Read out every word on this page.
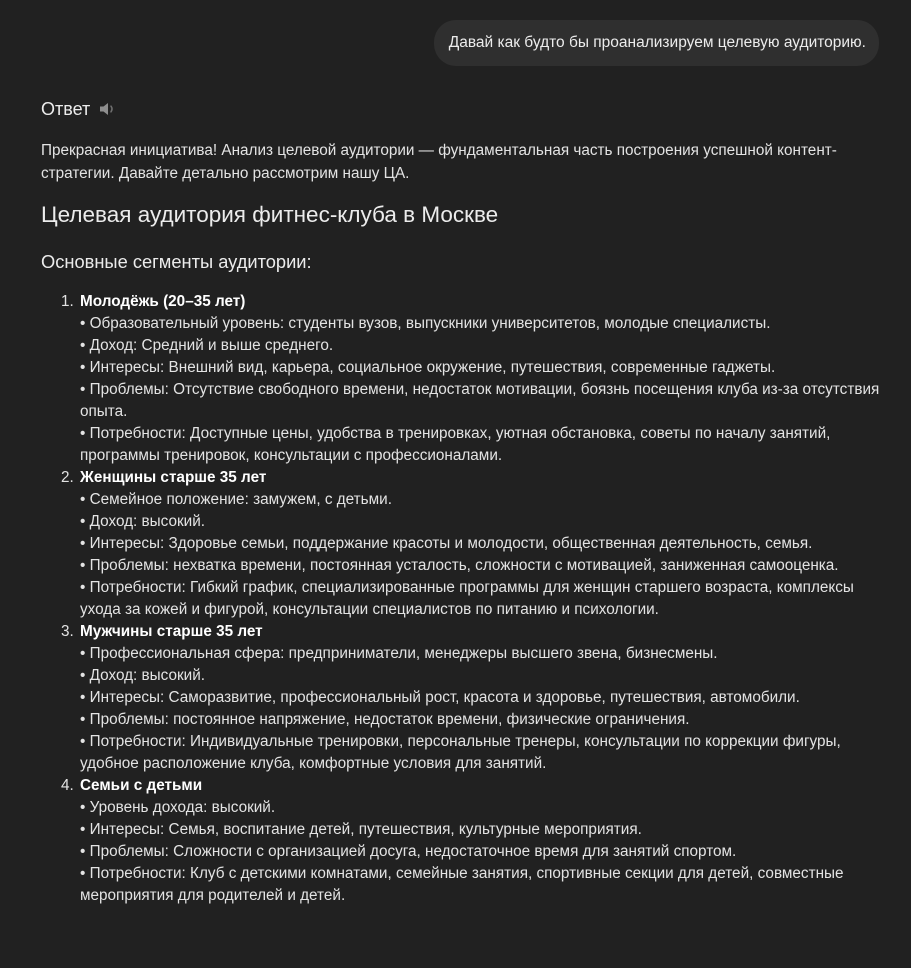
Давай как будто бы проанализируем целевую аудиторию.
Ответ
Прекрасная инициатива! Анализ целевой аудитории — фундаментальная часть построения успешной контент-стратегии. Давайте детально рассмотрим нашу ЦА.
Целевая аудитория фитнес-клуба в Москве
Основные сегменты аудитории:
1. Молодёжь (20–35 лет)
• Образовательный уровень: студенты вузов, выпускники университетов, молодые специалисты.
• Доход: Средний и выше среднего.
• Интересы: Внешний вид, карьера, социальное окружение, путешествия, современные гаджеты.
• Проблемы: Отсутствие свободного времени, недостаток мотивации, боязнь посещения клуба из-за отсутствия опыта.
• Потребности: Доступные цены, удобства в тренировках, уютная обстановка, советы по началу занятий, программы тренировок, консультации с профессионалами.
2. Женщины старше 35 лет
• Семейное положение: замужем, с детьми.
• Доход: высокий.
• Интересы: Здоровье семьи, поддержание красоты и молодости, общественная деятельность, семья.
• Проблемы: нехватка времени, постоянная усталость, сложности с мотивацией, заниженная самооценка.
• Потребности: Гибкий график, специализированные программы для женщин старшего возраста, комплексы ухода за кожей и фигурой, консультации специалистов по питанию и психологии.
3. Мужчины старше 35 лет
• Профессиональная сфера: предприниматели, менеджеры высшего звена, бизнесмены.
• Доход: высокий.
• Интересы: Саморазвитие, профессиональный рост, красота и здоровье, путешествия, автомобили.
• Проблемы: постоянное напряжение, недостаток времени, физические ограничения.
• Потребности: Индивидуальные тренировки, персональные тренеры, консультации по коррекции фигуры, удобное расположение клуба, комфортные условия для занятий.
4. Семьи с детьми
• Уровень дохода: высокий.
• Интересы: Семья, воспитание детей, путешествия, культурные мероприятия.
• Проблемы: Сложности с организацией досуга, недостаточное время для занятий спортом.
• Потребности: Клуб с детскими комнатами, семейные занятия, спортивные секции для детей, совместные мероприятия для родителей и детей.
